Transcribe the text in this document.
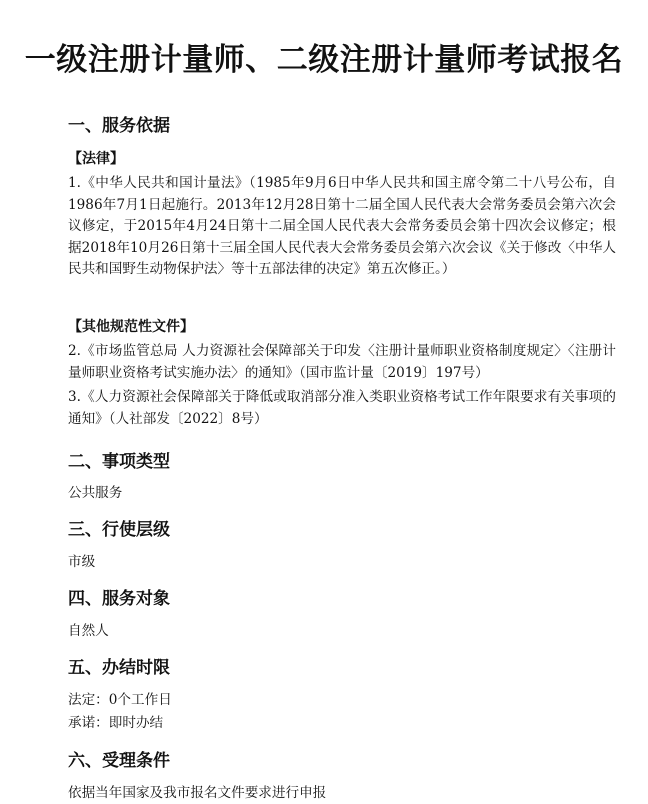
一级注册计量师、二级注册计量师考试报名
一、服务依据
【法律】
1.《中华人民共和国计量法》（1985年9月6日中华人民共和国主席令第二十八号公布，自1986年7月1日起施行。2013年12月28日第十二届全国人民代表大会常务委员会第六次会议修定，于2015年4月24日第十二届全国人民代表大会常务委员会第十四次会议修定；根据2018年10月26日第十三届全国人民代表大会常务委员会第六次会议《关于修改〈中华人民共和国野生动物保护法〉等十五部法律的决定》第五次修正。）
【其他规范性文件】
2.《市场监管总局 人力资源社会保障部关于印发〈注册计量师职业资格制度规定〉〈注册计量师职业资格考试实施办法〉的通知》（国市监计量〔2019〕197号）
3.《人力资源社会保障部关于降低或取消部分准入类职业资格考试工作年限要求有关事项的通知》（人社部发〔2022〕8号）
二、事项类型
公共服务
三、行使层级
市级
四、服务对象
自然人
五、办结时限
法定：0个工作日
承诺：即时办结
六、受理条件
依据当年国家及我市报名文件要求进行申报
